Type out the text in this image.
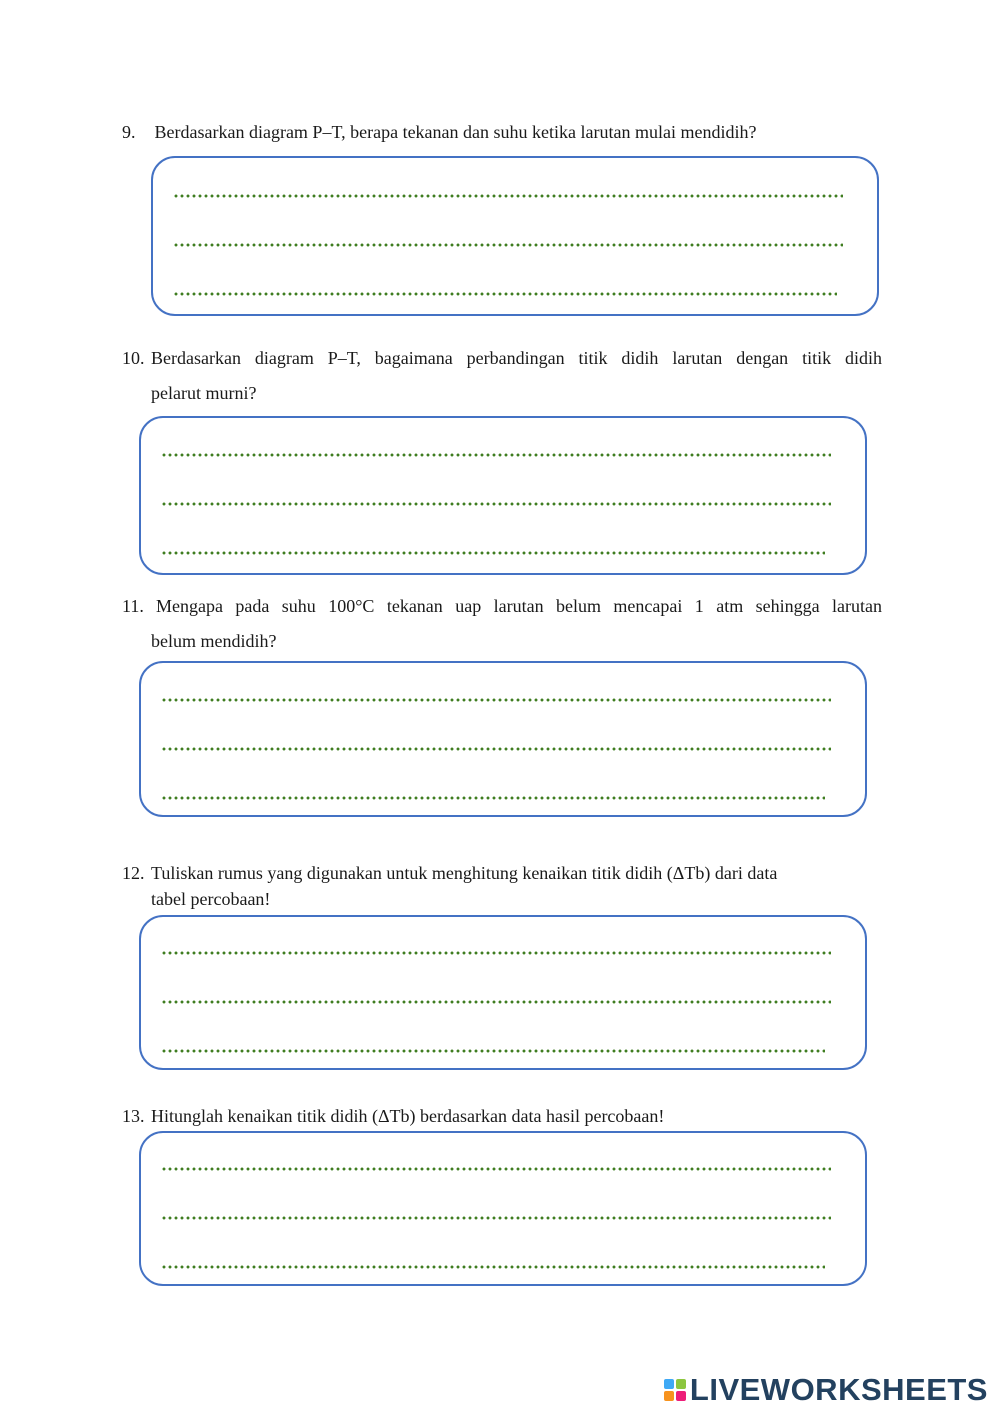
9. Berdasarkan diagram P–T, berapa tekanan dan suhu ketika larutan mulai mendidih?
10. Berdasarkan diagram P–T, bagaimana perbandingan titik didih larutan dengan titik didih
pelarut murni?
11. Mengapa pada suhu 100°C tekanan uap larutan belum mencapai 1 atm sehingga larutan
belum mendidih?
12. Tuliskan rumus yang digunakan untuk menghitung kenaikan titik didih (ΔTb) dari data
tabel percobaan!
13. Hitunglah kenaikan titik didih (ΔTb) berdasarkan data hasil percobaan!
LIVEWORKSHEETS
